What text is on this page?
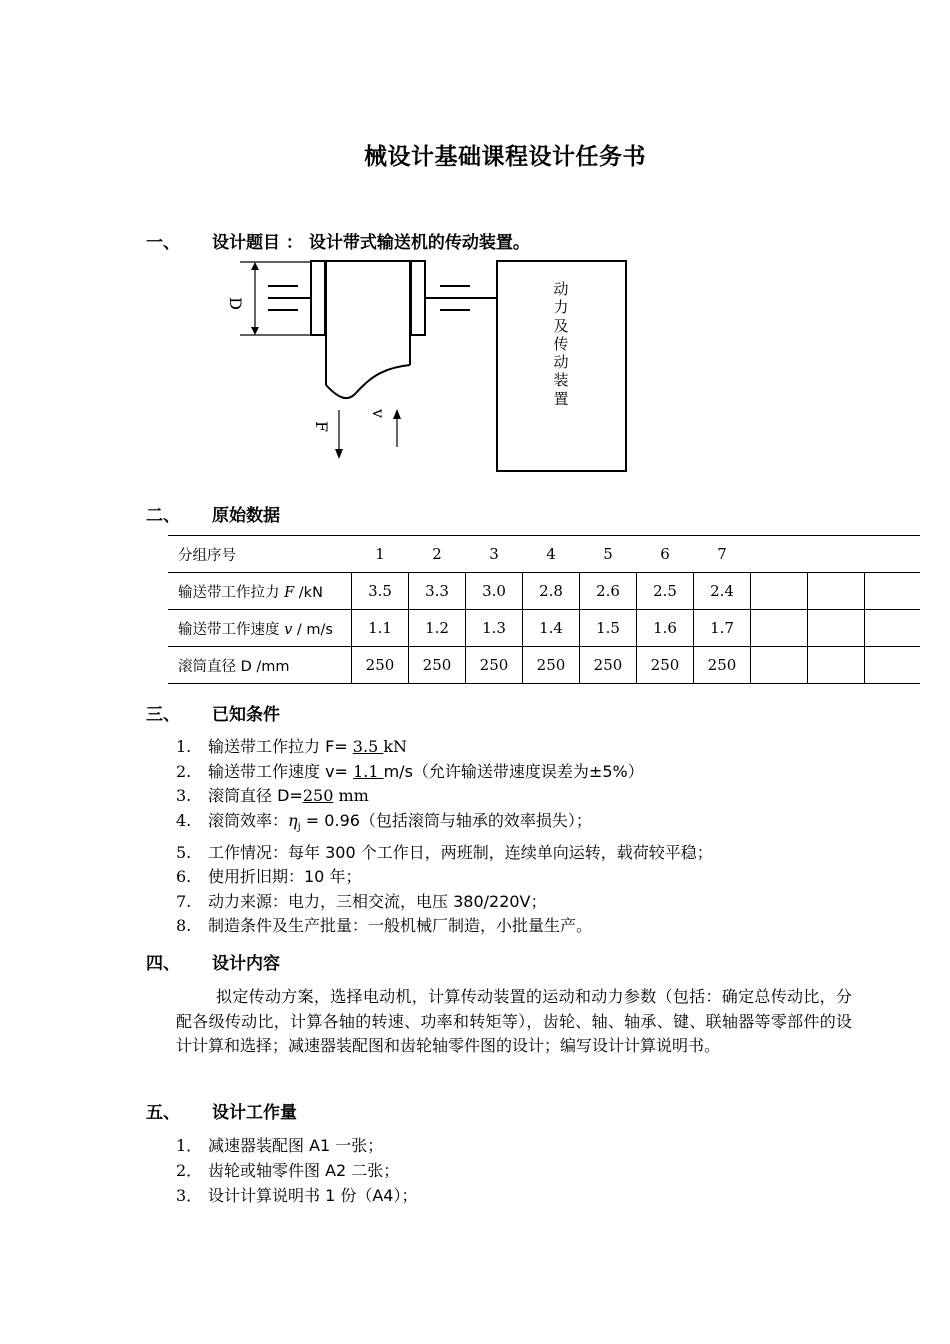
械设计基础课程设计任务书
一、 设计题目 ： 设计带式输送机的传动装置。
D
v
F
动
力
及
传
动
装
置
二、 原始数据
分组序号	1	2	3	4	5	6	7			
输送带工作拉力 F /kN	3.5	3.3	3.0	2.8	2.6	2.5	2.4			
输送带工作速度 v / m/s	1.1	1.2	1.3	1.4	1.5	1.6	1.7			
滚筒直径 D /mm	250	250	250	250	250	250	250			
三、 已知条件
1. 输送带工作拉力 F= 3.5 kN
2. 输送带工作速度 v= 1.1 m/s（允许输送带速度误差为±5%）
3. 滚筒直径 D=250 mm
4. 滚筒效率：$\eta_j = 0.96$（包括滚筒与轴承的效率损失）；
5. 工作情况：每年 300 个工作日，两班制，连续单向运转，载荷较平稳；
6. 使用折旧期：10 年；
7. 动力来源：电力，三相交流，电压 380/220V；
8. 制造条件及生产批量：一般机械厂制造，小批量生产。
四、 设计内容

拟定传动方案，选择电动机，计算传动装置的运动和动力参数（包括：确定总传动比，分配各级传动比，计算各轴的转速、功率和转矩等），齿轮、轴、轴承、键、联轴器等零部件的设计计算和选择；减速器装配图和齿轮轴零件图的设计；编写设计计算说明书。

五、 设计工作量
1． 减速器装配图 A1 一张；
2． 齿轮或轴零件图 A2 二张；
3． 设计计算说明书 1 份（A4）；
